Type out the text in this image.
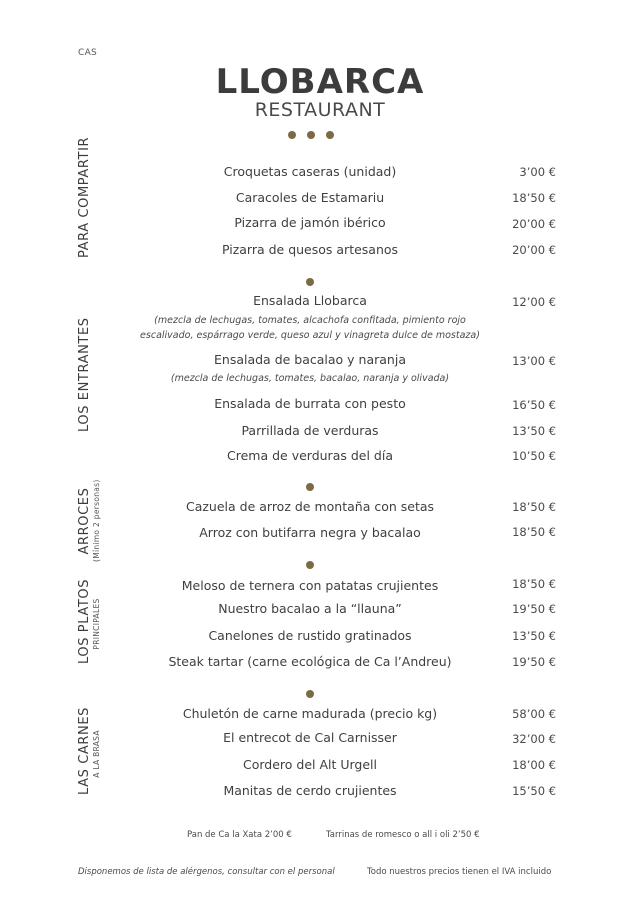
CAS
LLOBARCA
RESTAURANT
PARA COMPARTIR
LOS ENTRANTES
ARROCES (Mínimo 2 personas)
LOS PLATOS PRINCIPALES
LAS CARNES A LA BRASA
Croquetas caseras (unidad)	3’00 €
Caracoles de Estamariu	18’50 €
Pizarra de jamón ibérico	20’00 €
Pizarra de quesos artesanos	20’00 €
Ensalada Llobarca	12’00 €
(mezcla de lechugas, tomates, alcachofa confitada, pimiento rojo
escalivado, espárrago verde, queso azul y vinagreta dulce de mostaza)
Ensalada de bacalao y naranja	13’00 €
(mezcla de lechugas, tomates, bacalao, naranja y olivada)
Ensalada de burrata con pesto	16’50 €
Parrillada de verduras	13’50 €
Crema de verduras del día	10’50 €
Cazuela de arroz de montaña con setas	18’50 €
Arroz con butifarra negra y bacalao	18’50 €
Meloso de ternera con patatas crujientes	18’50 €
Nuestro bacalao a la “llauna”	19’50 €
Canelones de rustido gratinados	13’50 €
Steak tartar (carne ecológica de Ca l’Andreu)	19’50 €
Chuletón de carne madurada (precio kg)	58’00 €
El entrecot de Cal Carnisser	32’00 €
Cordero del Alt Urgell	18’00 €
Manitas de cerdo crujientes	15’50 €
Pan de Ca la Xata 2’00 €	Tarrinas de romesco o all i oli 2’50 €
Disponemos de lista de alérgenos, consultar con el personal	Todo nuestros precios tienen el IVA incluido
